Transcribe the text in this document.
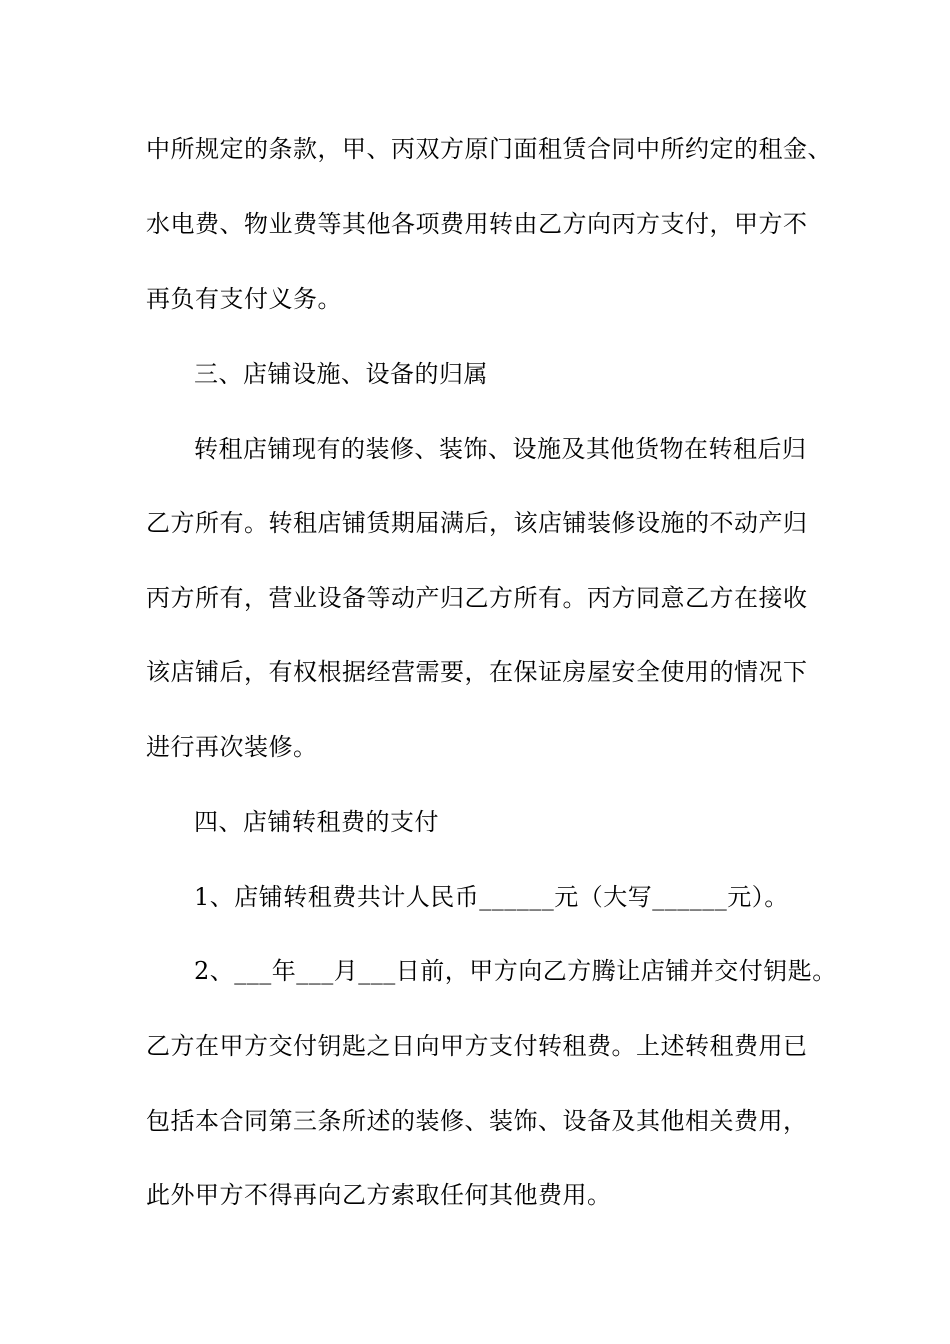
中所规定的条款，甲、丙双方原门面租赁合同中所约定的租金、
水电费、物业费等其他各项费用转由乙方向丙方支付，甲方不
再负有支付义务。
三、店铺设施、设备的归属
转租店铺现有的装修、装饰、设施及其他货物在转租后归
乙方所有。转租店铺赁期届满后，该店铺装修设施的不动产归
丙方所有，营业设备等动产归乙方所有。丙方同意乙方在接收
该店铺后，有权根据经营需要，在保证房屋安全使用的情况下
进行再次装修。
四、店铺转租费的支付
1、店铺转租费共计人民币______元（大写______元）。
2、___年___月___日前，甲方向乙方腾让店铺并交付钥匙。
乙方在甲方交付钥匙之日向甲方支付转租费。上述转租费用已
包括本合同第三条所述的装修、装饰、设备及其他相关费用，
此外甲方不得再向乙方索取任何其他费用。
